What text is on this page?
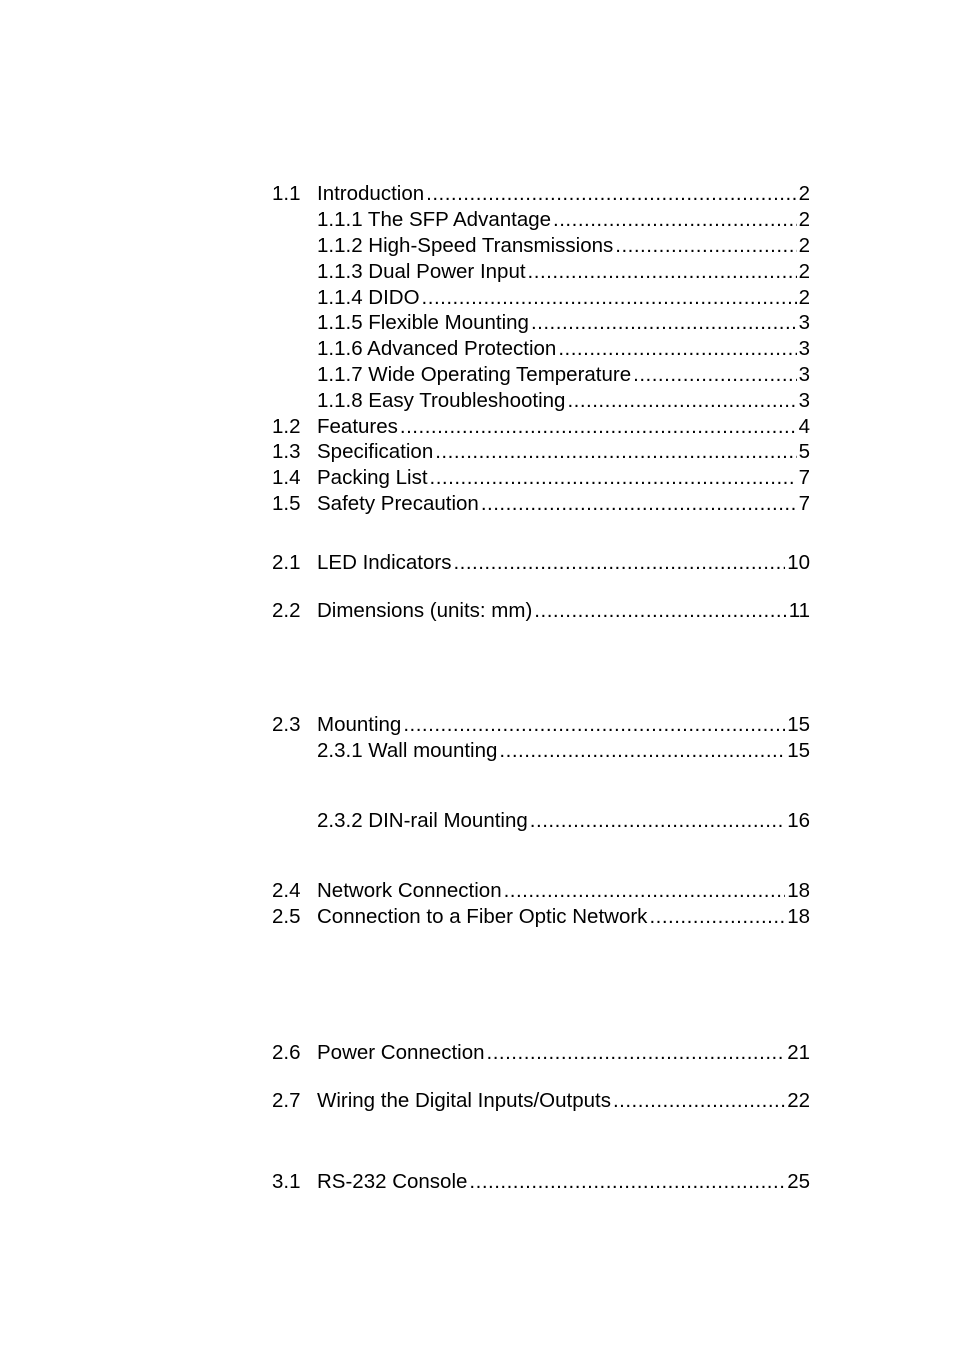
1.1 Introduction .....	2
1.1.1 The SFP Advantage .....	2
1.1.2 High-Speed Transmissions .....	2
1.1.3 Dual Power Input .....	2
1.1.4 DIDO .....	2
1.1.5 Flexible Mounting .....	3
1.1.6 Advanced Protection .....	3
1.1.7 Wide Operating Temperature .....	3
1.1.8 Easy Troubleshooting .....	3
1.2 Features .....	4
1.3 Specification .....	5
1.4 Packing List .....	7
1.5 Safety Precaution .....	7
2.1 LED Indicators .....	10
2.2 Dimensions (units: mm) .....	11
2.3 Mounting .....	15
2.3.1 Wall mounting .....	15
2.3.2 DIN-rail Mounting .....	16
2.4 Network Connection .....	18
2.5 Connection to a Fiber Optic Network .....	18
2.6 Power Connection .....	21
2.7 Wiring the Digital Inputs/Outputs .....	22
3.1 RS-232 Console .....	25
